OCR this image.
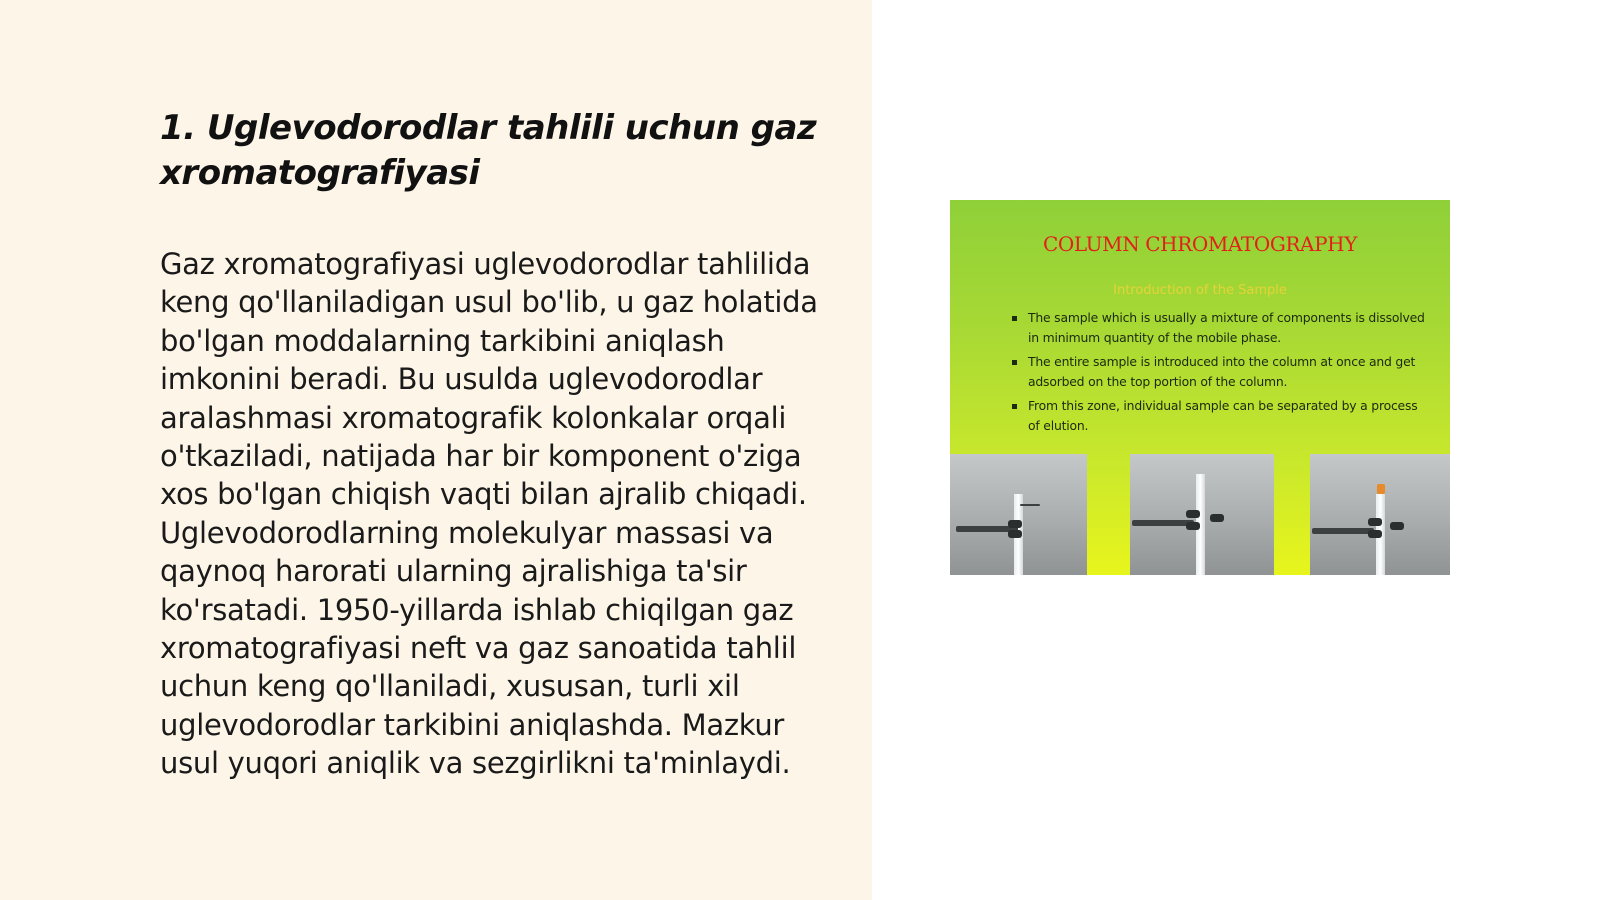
1. Uglevodorodlar tahlili uchun gaz xromatografiyasi

Gaz xromatografiyasi uglevodorodlar tahlilida keng qo'llaniladigan usul bo'lib, u gaz holatida bo'lgan moddalarning tarkibini aniqlash imkonini beradi. Bu usulda uglevodorodlar aralashmasi xromatografik kolonkalar orqali o'tkaziladi, natijada har bir komponent o'ziga xos bo'lgan chiqish vaqti bilan ajralib chiqadi. Uglevodorodlarning molekulyar massasi va qaynoq harorati ularning ajralishiga ta'sir ko'rsatadi. 1950-yillarda ishlab chiqilgan gaz xromatografiyasi neft va gaz sanoatida tahlil uchun keng qo'llaniladi, xususan, turli xil uglevodorodlar tarkibini aniqlashda. Mazkur usul yuqori aniqlik va sezgirlikni ta'minlaydi.

COLUMN CHROMATOGRAPHY
Introduction of the Sample
The sample which is usually a mixture of components is dissolved in minimum quantity of the mobile phase.
The entire sample is introduced into the column at once and get adsorbed on the top portion of the column.
From this zone, individual sample can be separated by a process of elution.
